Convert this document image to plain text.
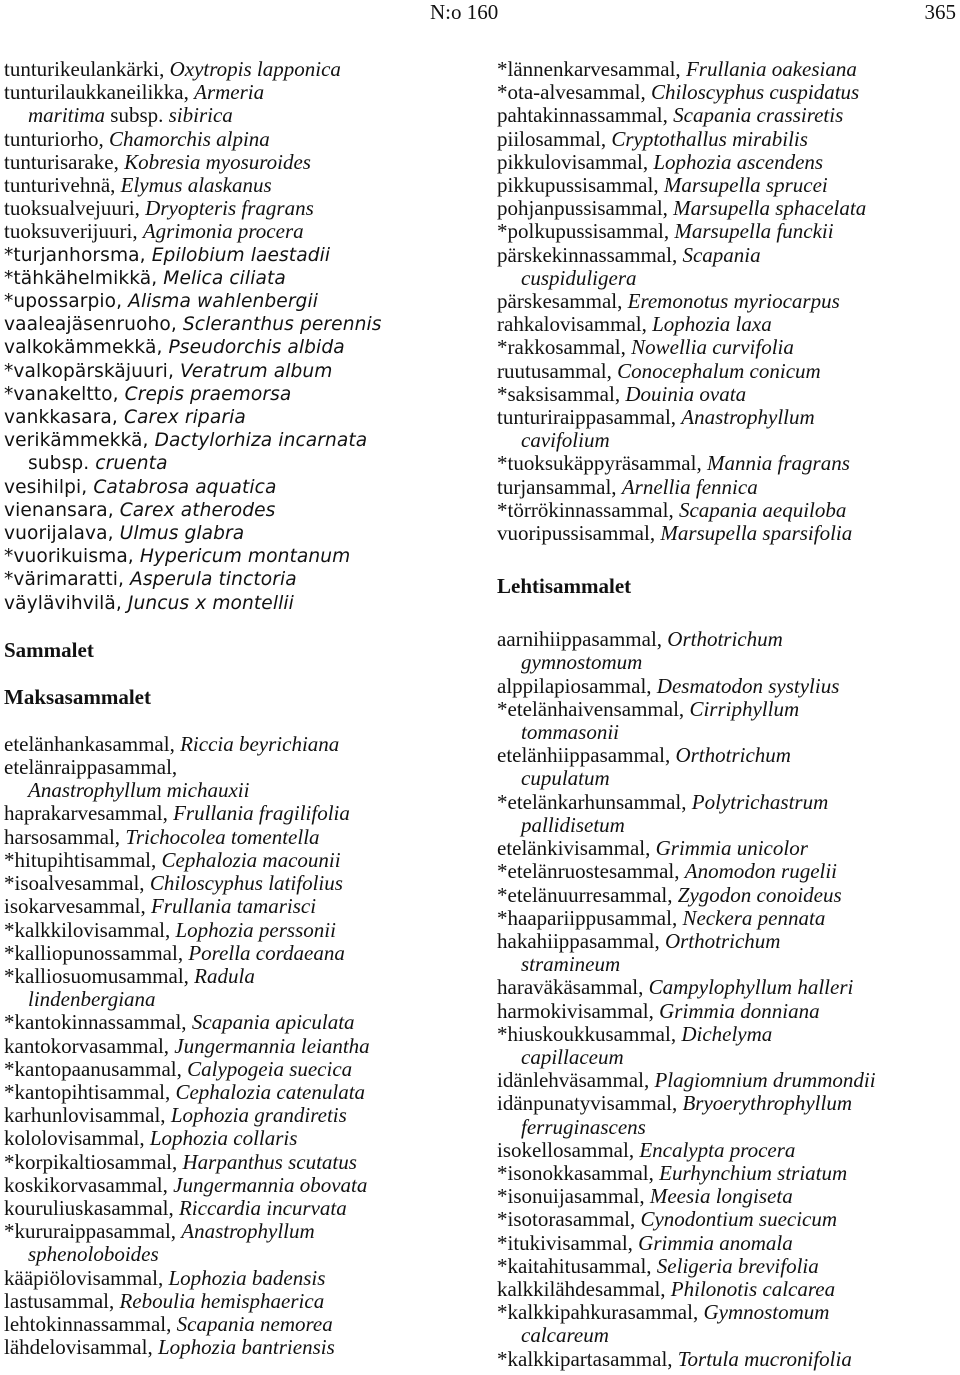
N:o 160	365
tunturikeulankärki, Oxytropis lapponica
tunturilaukkaneilikka, Armeria
maritima subsp. sibirica
tunturiorho, Chamorchis alpina
tunturisarake, Kobresia myosuroides
tunturivehnä, Elymus alaskanus
tuoksualvejuuri, Dryopteris fragrans
tuoksuverijuuri, Agrimonia procera
*turjanhorsma, Epilobium laestadii
*tähkähelmikkä, Melica ciliata
*upossarpio, Alisma wahlenbergii
vaaleajäsenruoho, Scleranthus perennis
valkokämmekkä, Pseudorchis albida
*valkopärskäjuuri, Veratrum album
*vanakeltto, Crepis praemorsa
vankkasara, Carex riparia
verikämmekkä, Dactylorhiza incarnata
subsp. cruenta
vesihilpi, Catabrosa aquatica
vienansara, Carex atherodes
vuorijalava, Ulmus glabra
*vuorikuisma, Hypericum montanum
*värimaratti, Asperula tinctoria
väylävihvilä, Juncus x montellii
Sammalet
Maksasammalet
etelänhankasammal, Riccia beyrichiana
etelänraippasammal,
Anastrophyllum michauxii
haprakarvesammal, Frullania fragilifolia
harsosammal, Trichocolea tomentella
*hitupihtisammal, Cephalozia macounii
*isoalvesammal, Chiloscyphus latifolius
isokarvesammal, Frullania tamarisci
*kalkkilovisammal, Lophozia perssonii
*kalliopunossammal, Porella cordaeana
*kalliosuomusammal, Radula
lindenbergiana
*kantokinnassammal, Scapania apiculata
kantokorvasammal, Jungermannia leiantha
*kantopaanusammal, Calypogeia suecica
*kantopihtisammal, Cephalozia catenulata
karhunlovisammal, Lophozia grandiretis
kololovisammal, Lophozia collaris
*korpikaltiosammal, Harpanthus scutatus
koskikorvasammal, Jungermannia obovata
kouruliuskasammal, Riccardia incurvata
*kururaippasammal, Anastrophyllum
sphenoloboides
kääpiölovisammal, Lophozia badensis
lastusammal, Reboulia hemisphaerica
lehtokinnassammal, Scapania nemorea
lähdelovisammal, Lophozia bantriensis
*lännenkarvesammal, Frullania oakesiana
*ota-alvesammal, Chiloscyphus cuspidatus
pahtakinnassammal, Scapania crassiretis
piilosammal, Cryptothallus mirabilis
pikkulovisammal, Lophozia ascendens
pikkupussisammal, Marsupella sprucei
pohjanpussisammal, Marsupella sphacelata
*polkupussisammal, Marsupella funckii
pärskekinnassammal, Scapania
cuspiduligera
pärskesammal, Eremonotus myriocarpus
rahkalovisammal, Lophozia laxa
*rakkosammal, Nowellia curvifolia
ruutusammal, Conocephalum conicum
*saksisammal, Douinia ovata
tunturiraippasammal, Anastrophyllum
cavifolium
*tuoksukäppyräsammal, Mannia fragrans
turjansammal, Arnellia fennica
*törrökinnassammal, Scapania aequiloba
vuoripussisammal, Marsupella sparsifolia
Lehtisammalet
aarnihiippasammal, Orthotrichum
gymnostomum
alppilapiosammal, Desmatodon systylius
*etelänhaivensammal, Cirriphyllum
tommasonii
etelänhiippasammal, Orthotrichum
cupulatum
*etelänkarhunsammal, Polytrichastrum
pallidisetum
etelänkivisammal, Grimmia unicolor
*etelänruostesammal, Anomodon rugelii
*etelänuurresammal, Zygodon conoideus
*haapariippusammal, Neckera pennata
hakahiippasammal, Orthotrichum
stramineum
haraväkäsammal, Campylophyllum halleri
harmokivisammal, Grimmia donniana
*hiuskoukkusammal, Dichelyma
capillaceum
idänlehväsammal, Plagiomnium drummondii
idänpunatyvisammal, Bryoerythrophyllum
ferruginascens
isokellosammal, Encalypta procera
*isonokkasammal, Eurhynchium striatum
*isonuijasammal, Meesia longiseta
*isotorasammal, Cynodontium suecicum
*itukivisammal, Grimmia anomala
*kaitahitusammal, Seligeria brevifolia
kalkkilähdesammal, Philonotis calcarea
*kalkkipahkurasammal, Gymnostomum
calcareum
*kalkkipartasammal, Tortula mucronifolia
